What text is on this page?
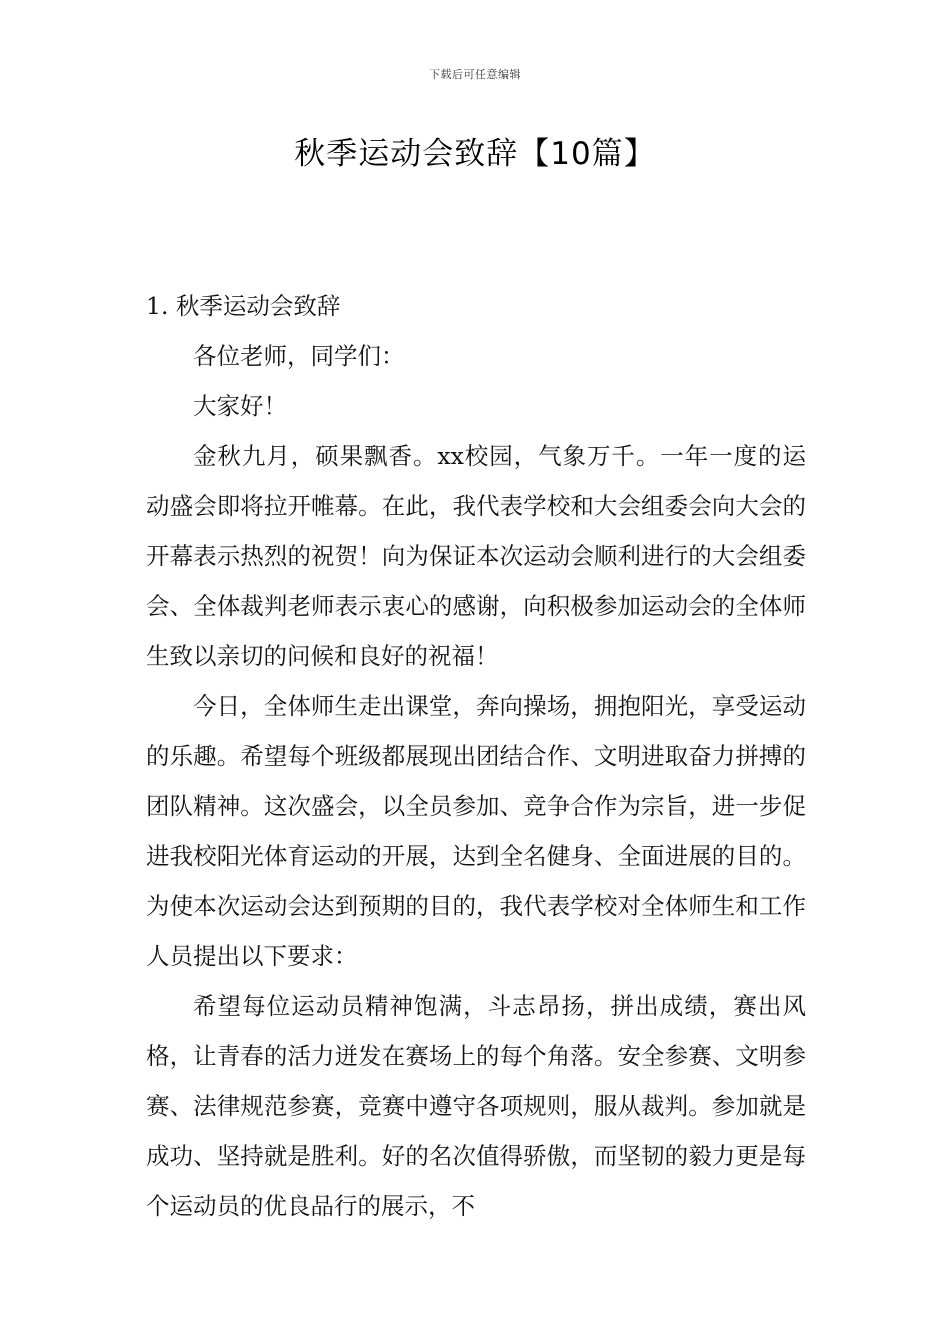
下载后可任意编辑
秋季运动会致辞【10篇】
1. 秋季运动会致辞

各位老师，同学们：

大家好！

金秋九月，硕果飘香。xx校园，气象万千。一年一度的运动盛会即将拉开帷幕。在此，我代表学校和大会组委会向大会的开幕表示热烈的祝贺！向为保证本次运动会顺利进行的大会组委会、全体裁判老师表示衷心的感谢，向积极参加运动会的全体师生致以亲切的问候和良好的祝福！

今日，全体师生走出课堂，奔向操场，拥抱阳光，享受运动的乐趣。希望每个班级都展现出团结合作、文明进取奋力拼搏的团队精神。这次盛会，以全员参加、竞争合作为宗旨，进一步促进我校阳光体育运动的开展，达到全名健身、全面进展的目的。为使本次运动会达到预期的目的，我代表学校对全体师生和工作人员提出以下要求：

希望每位运动员精神饱满，斗志昂扬，拼出成绩，赛出风格，让青春的活力迸发在赛场上的每个角落。安全参赛、文明参赛、法律规范参赛，竞赛中遵守各项规则，服从裁判。参加就是成功、坚持就是胜利。好的名次值得骄傲，而坚韧的毅力更是每个运动员的优良品行的展示，不
